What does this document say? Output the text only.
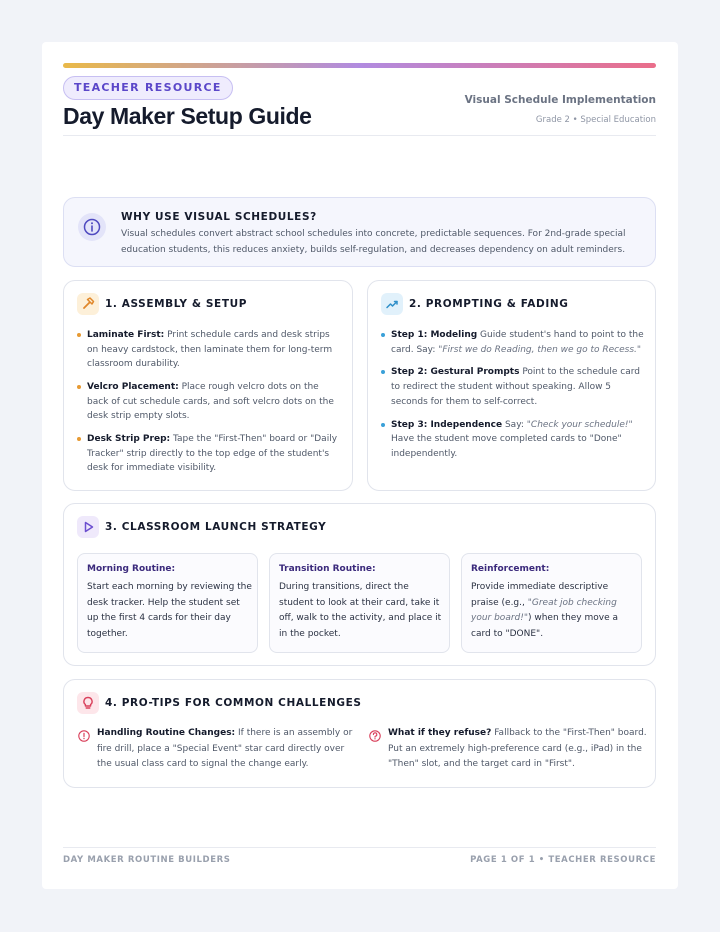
TEACHER RESOURCE
Day Maker Setup Guide
Visual Schedule Implementation
Grade 2 • Special Education
WHY USE VISUAL SCHEDULES?

Visual schedules convert abstract school schedules into concrete, predictable sequences. For 2nd-grade special education students, this reduces anxiety, builds self-regulation, and decreases dependency on adult reminders.

1. ASSEMBLY & SETUP
Laminate First: Print schedule cards and desk strips on heavy cardstock, then laminate them for long-term classroom durability.
Velcro Placement: Place rough velcro dots on the back of cut schedule cards, and soft velcro dots on the desk strip empty slots.
Desk Strip Prep: Tape the "First-Then" board or "Daily Tracker" strip directly to the top edge of the student's desk for immediate visibility.
2. PROMPTING & FADING
Step 1: Modeling Guide student's hand to point to the card. Say: "First we do Reading, then we go to Recess."
Step 2: Gestural Prompts Point to the schedule card to redirect the student without speaking. Allow 5 seconds for them to self-correct.
Step 3: Independence Say: "Check your schedule!" Have the student move completed cards to "Done" independently.
3. CLASSROOM LAUNCH STRATEGY
Morning Routine:

Start each morning by reviewing the desk tracker. Help the student set up the first 4 cards for their day together.

Transition Routine:

During transitions, direct the student to look at their card, take it off, walk to the activity, and place it in the pocket.

Reinforcement:

Provide immediate descriptive praise (e.g., "Great job checking your board!") when they move a card to "DONE".

4. PRO-TIPS FOR COMMON CHALLENGES

Handling Routine Changes: If there is an assembly or fire drill, place a "Special Event" star card directly over the usual class card to signal the change early.

What if they refuse? Fallback to the "First-Then" board. Put an extremely high-preference card (e.g., iPad) in the "Then" slot, and the target card in "First".

DAY MAKER ROUTINE BUILDERS	PAGE 1 OF 1 • TEACHER RESOURCE
